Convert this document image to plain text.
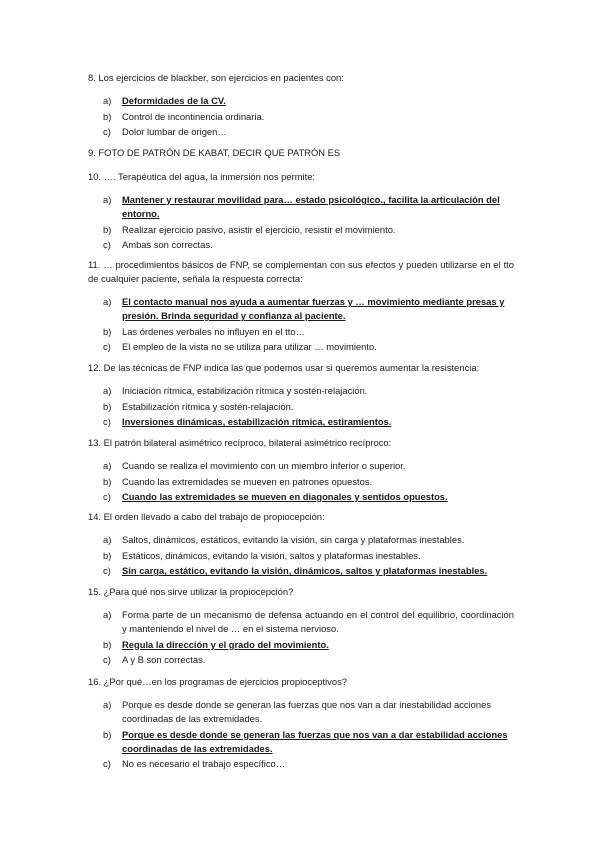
8. Los ejercicios de blackber, son ejercicios en pacientes con:

a)	Deformidades de la CV.
b)	Control de incontinencia ordinaria.
c)	Dolor lumbar de origen…

9. FOTO DE PATRÓN DE KABAT, DECIR QUE PATRÓN ES

10. …. Terapéutica del agua, la inmersión nos permite:

a)	Mantener y restaurar movilidad para… estado psicológico., facilita la articulación del entorno.
b)	Realizar ejercicio pasivo, asistir el ejercicio, resistir el movimiento.
c)	Ambas son correctas.

11. … procedimientos básicos de FNP, se complementan con sus efectos y pueden utilizarse en el tto de cualquier paciente, señala la respuesta correcta:

a)	El contacto manual nos ayuda a aumentar fuerzas y … movimiento mediante presas y presión. Brinda seguridad y confianza al paciente.
b)	Las órdenes verbales no influyen en el tto…
c)	El empleo de la vista no se utiliza para utilizar … movimiento.

12. De las técnicas de FNP indica las que podemos usar si queremos aumentar la resistencia:

a)	Iniciación rítmica, estabilización rítmica y sostén-relajación.
b)	Estabilización rítmica y sostén-relajación.
c)	Inversiones dinámicas, estabilización rítmica, estiramientos.

13. El patrón bilateral asimétrico recíproco, bilateral asimétrico recíproco:

a)	Cuando se realiza el movimiento con un miembro inferior o superior.
b)	Cuando las extremidades se mueven en patrones opuestos.
c)	Cuando las extremidades se mueven en diagonales y sentidos opuestos.

14. El orden llevado a cabo del trabajo de propiocepción:

a)	Saltos, dinámicos, estáticos, evitando la visión, sin carga y plataformas inestables.
b)	Estáticos, dinámicos, evitando la visión, saltos y plataformas inestables.
c)	Sin carga, estático, evitando la visión, dinámicos, saltos y plataformas inestables.

15. ¿Para qué nos sirve utilizar la propiocepción?

a)	Forma parte de un mecanismo de defensa actuando en el control del equilibrio, coordinación y manteniendo el nivel de … en el sistema nervioso.
b)	Regula la dirección y el grado del movimiento.
c)	A y B son correctas.

16. ¿Por qué…en los programas de ejercicios propioceptivos?

a)	Porque es desde donde se generan las fuerzas que nos van a dar inestabilidad acciones coordinadas de las extremidades.
b)	Porque es desde donde se generan las fuerzas que nos van a dar estabilidad acciones coordinadas de las extremidades.
c)	No es necesario el trabajo específico…
